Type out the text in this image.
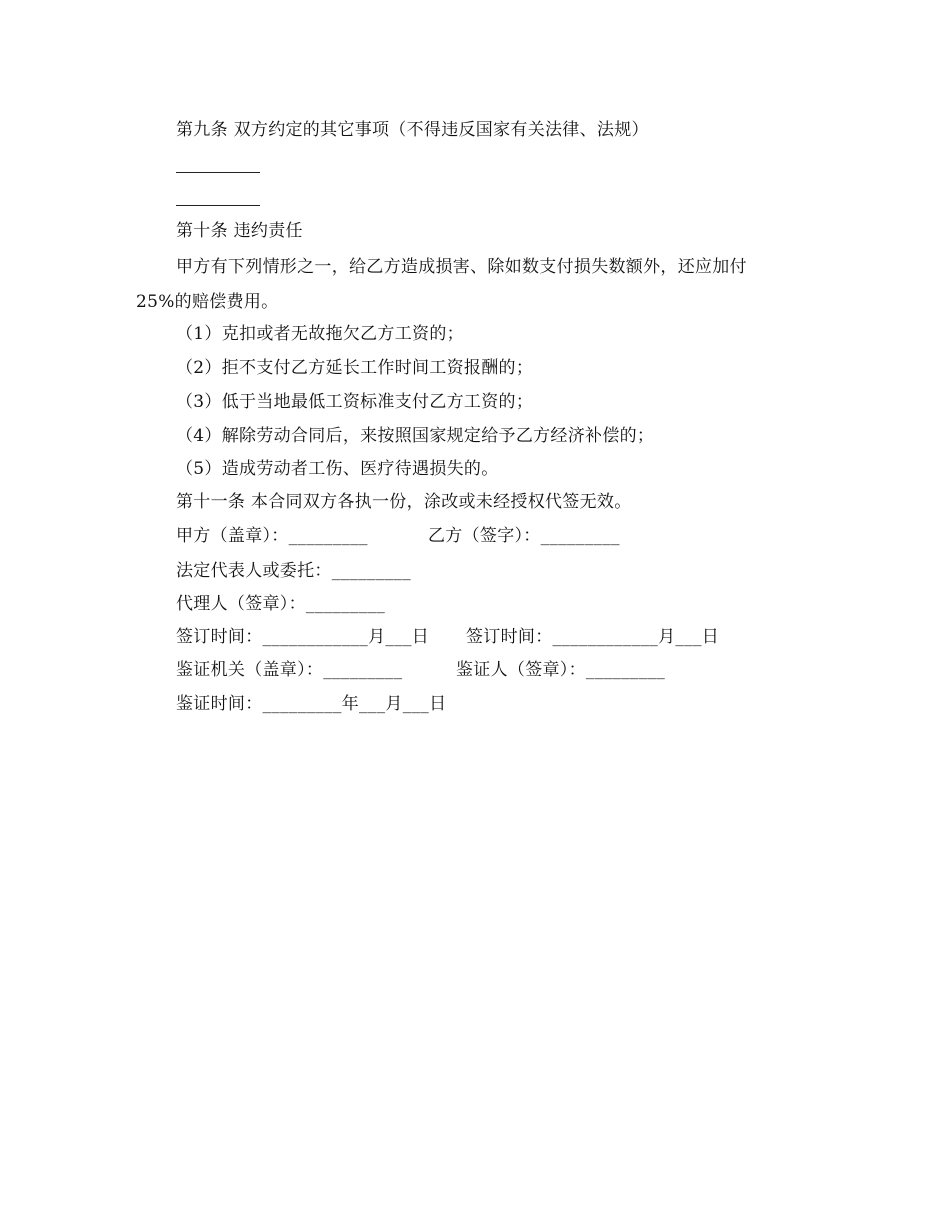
第九条 双方约定的其它事项（不得违反国家有关法律、法规）
第十条 违约责任
甲方有下列情形之一，给乙方造成损害、除如数支付损失数额外，还应加付
25%的赔偿费用。
（1）克扣或者无故拖欠乙方工资的；
（2）拒不支付乙方延长工作时间工资报酬的；
（3）低于当地最低工资标准支付乙方工资的；
（4）解除劳动合同后，来按照国家规定给予乙方经济补偿的；
（5）造成劳动者工伤、医疗待遇损失的。
第十一条 本合同双方各执一份，涂改或未经授权代签无效。
甲方（盖章）：_________	乙方（签字）：_________
法定代表人或委托：_________
代理人（签章）：_________
签订时间：____________月___日 签订时间：____________月___日
鉴证机关（盖章）：_________	鉴证人（签章）：_________
鉴证时间：_________年___月___日
